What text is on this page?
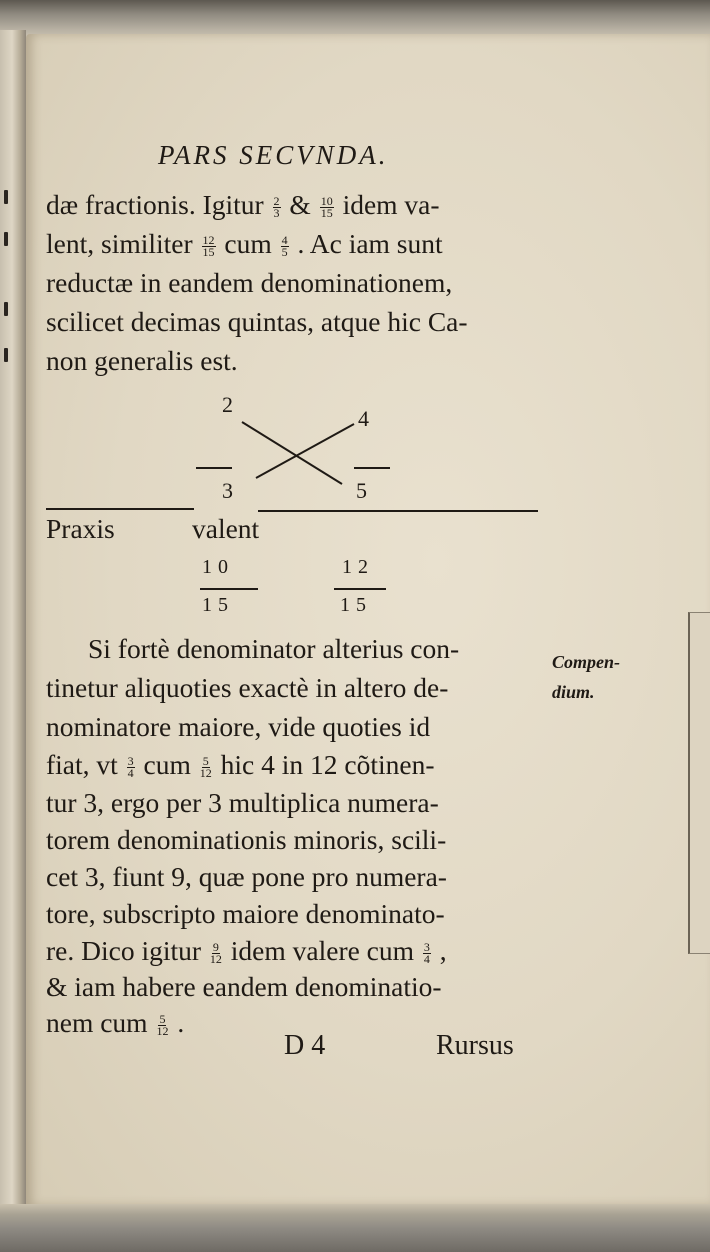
PARS SECVNDA.
dæ fractionis. Igitur $\frac{2}{3}$ & $\frac{10}{15}$ idem va-
lent, similiter $\frac{12}{15}$ cum $\frac{4}{5}$ . Ac iam sunt
reductæ in eandem denominationem,
scilicet decimas quintas, atque hic Ca-
non generalis est.
2
4
3	5
Praxis	valent
10
15
12
15
Si fortè denominator alterius con-
tinetur aliquoties exactè in altero de-
nominatore maiore, vide quoties id
fiat, vt $\frac{3}{4}$ cum $\frac{5}{12}$ hic 4 in 12 cõtinen-
tur 3, ergo per 3 multiplica numera-
torem denominationis minoris, scili-
cet 3, fiunt 9, quæ pone pro numera-
tore, subscripto maiore denominato-
re. Dico igitur $\frac{9}{12}$ idem valere cum $\frac{3}{4}$ ,
& iam habere eandem denominatio-
nem cum $\frac{5}{12}$ .
Compen-
dium.
D 4	Rursus
